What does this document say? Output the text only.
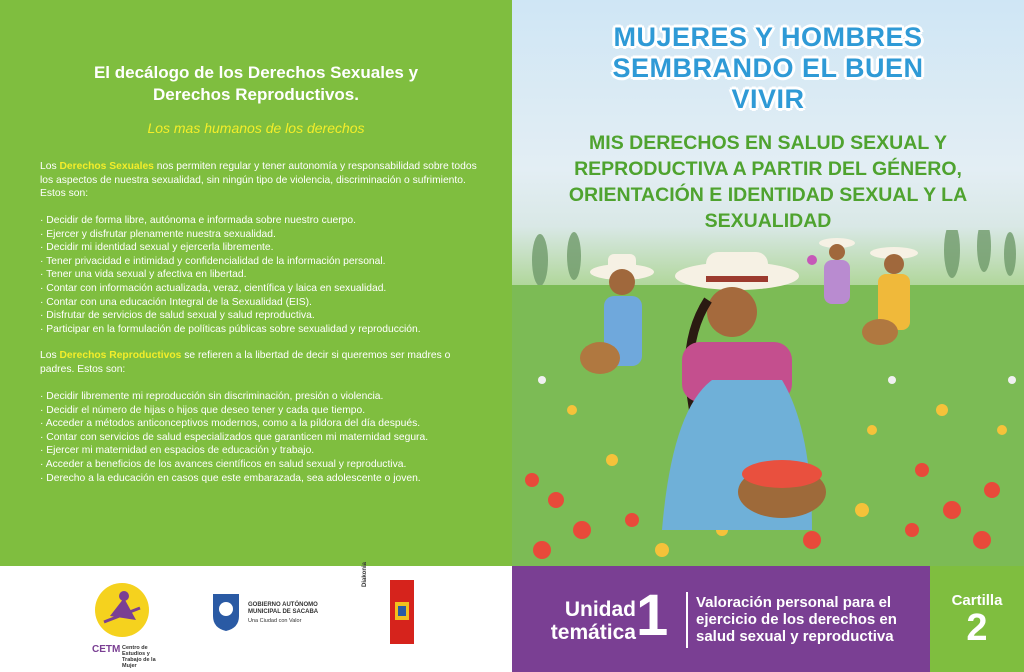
El decálogo de los Derechos Sexuales y
Derechos Reproductivos.
Los mas humanos de los derechos

Los Derechos Sexuales nos permiten regular y tener autonomía y responsabilidad sobre todos los aspectos de nuestra sexualidad, sin ningún tipo de violencia, discriminación o sufrimiento. Estos son:

· Decidir de forma libre, autónoma e informada sobre nuestro cuerpo.
· Ejercer y disfrutar plenamente nuestra sexualidad.
· Decidir mi identidad sexual y ejercerla libremente.
· Tener privacidad e intimidad y confidencialidad de la información personal.
· Tener una vida sexual y afectiva en libertad.
· Contar con información actualizada, veraz, científica y laica en sexualidad.
· Contar con una educación Integral de la Sexualidad (EIS).
· Disfrutar de servicios de salud sexual y salud reproductiva.
· Participar en la formulación de políticas públicas sobre sexualidad y reproducción.

Los Derechos Reproductivos se refieren a la libertad de decir si queremos ser madres o padres. Estos son:

· Decidir libremente mi reproducción sin discriminación, presión o violencia.
· Decidir el número de hijas o hijos que deseo tener y cada que tiempo.
· Acceder a métodos anticonceptivos modernos, como a la píldora del día después.
· Contar con servicios de salud especializados que garanticen mi maternidad segura.
· Ejercer mi maternidad en espacios de educación y trabajo.
· Acceder a beneficios de los avances científicos en salud sexual y reproductiva.
· Derecho a la educación en casos que este embarazada, sea adolescente o joven.
MUJERES Y HOMBRES
SEMBRANDO EL BUEN
VIVIR
MIS DERECHOS EN SALUD SEXUAL Y
REPRODUCTIVA A PARTIR DEL GÉNERO,
ORIENTACIÓN E IDENTIDAD SEXUAL Y LA
SEXUALIDAD
CETM Centro de Estudios y Trabajo de la Mujer
GOBIERNO AUTÓNOMO
MUNICIPAL DE SACABA
Una Ciudad con Valor
Diakonia
Unidad
temática 1 Valoración personal para el
ejercicio de los derechos en
salud sexual y reproductiva
Cartilla
2
